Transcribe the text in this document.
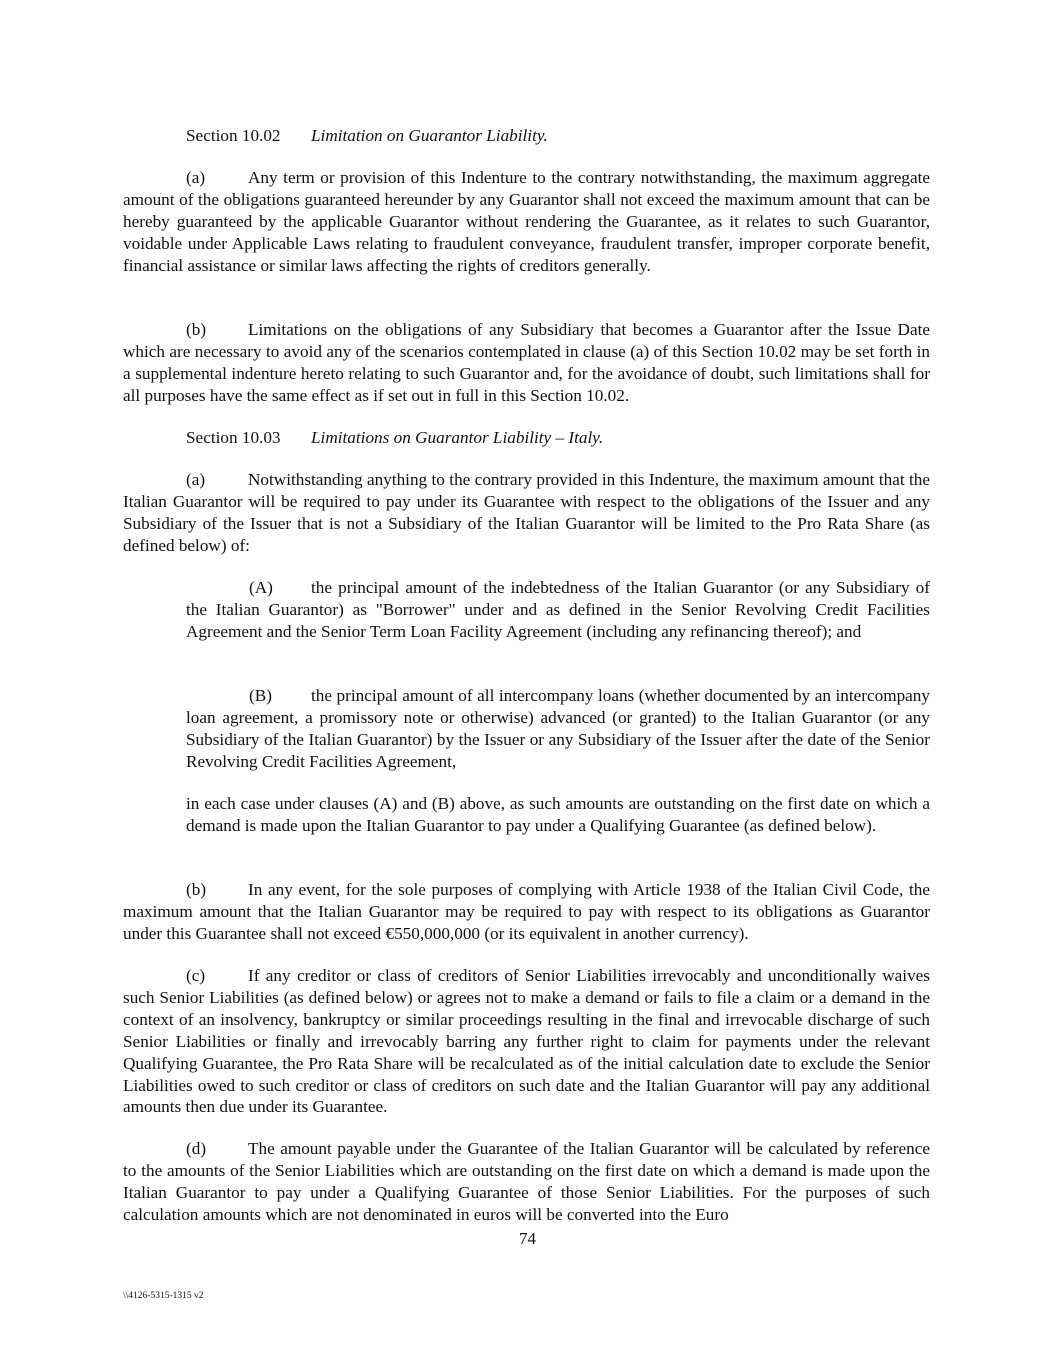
Section 10.02 Limitation on Guarantor Liability.

(a) Any term or provision of this Indenture to the contrary notwithstanding, the maximum aggregate amount of the obligations guaranteed hereunder by any Guarantor shall not exceed the maximum amount that can be hereby guaranteed by the applicable Guarantor without rendering the Guarantee, as it relates to such Guarantor, voidable under Applicable Laws relating to fraudulent conveyance, fraudulent transfer, improper corporate benefit, financial assistance or similar laws affecting the rights of creditors generally.

(b) Limitations on the obligations of any Subsidiary that becomes a Guarantor after the Issue Date which are necessary to avoid any of the scenarios contemplated in clause (a) of this Section 10.02 may be set forth in a supplemental indenture hereto relating to such Guarantor and, for the avoidance of doubt, such limitations shall for all purposes have the same effect as if set out in full in this Section 10.02.

Section 10.03 Limitations on Guarantor Liability – Italy.

(a) Notwithstanding anything to the contrary provided in this Indenture, the maximum amount that the Italian Guarantor will be required to pay under its Guarantee with respect to the obligations of the Issuer and any Subsidiary of the Issuer that is not a Subsidiary of the Italian Guarantor will be limited to the Pro Rata Share (as defined below) of:

(A) the principal amount of the indebtedness of the Italian Guarantor (or any Subsidiary of the Italian Guarantor) as "Borrower" under and as defined in the Senior Revolving Credit Facilities Agreement and the Senior Term Loan Facility Agreement (including any refinancing thereof); and

(B) the principal amount of all intercompany loans (whether documented by an intercompany loan agreement, a promissory note or otherwise) advanced (or granted) to the Italian Guarantor (or any Subsidiary of the Italian Guarantor) by the Issuer or any Subsidiary of the Issuer after the date of the Senior Revolving Credit Facilities Agreement,

in each case under clauses (A) and (B) above, as such amounts are outstanding on the first date on which a demand is made upon the Italian Guarantor to pay under a Qualifying Guarantee (as defined below).

(b) In any event, for the sole purposes of complying with Article 1938 of the Italian Civil Code, the maximum amount that the Italian Guarantor may be required to pay with respect to its obligations as Guarantor under this Guarantee shall not exceed €550,000,000 (or its equivalent in another currency).

(c) If any creditor or class of creditors of Senior Liabilities irrevocably and unconditionally waives such Senior Liabilities (as defined below) or agrees not to make a demand or fails to file a claim or a demand in the context of an insolvency, bankruptcy or similar proceedings resulting in the final and irrevocable discharge of such Senior Liabilities or finally and irrevocably barring any further right to claim for payments under the relevant Qualifying Guarantee, the Pro Rata Share will be recalculated as of the initial calculation date to exclude the Senior Liabilities owed to such creditor or class of creditors on such date and the Italian Guarantor will pay any additional amounts then due under its Guarantee.

(d) The amount payable under the Guarantee of the Italian Guarantor will be calculated by reference to the amounts of the Senior Liabilities which are outstanding on the first date on which a demand is made upon the Italian Guarantor to pay under a Qualifying Guarantee of those Senior Liabilities. For the purposes of such calculation amounts which are not denominated in euros will be converted into the Euro

74
\\4126-5315-1315 v2
